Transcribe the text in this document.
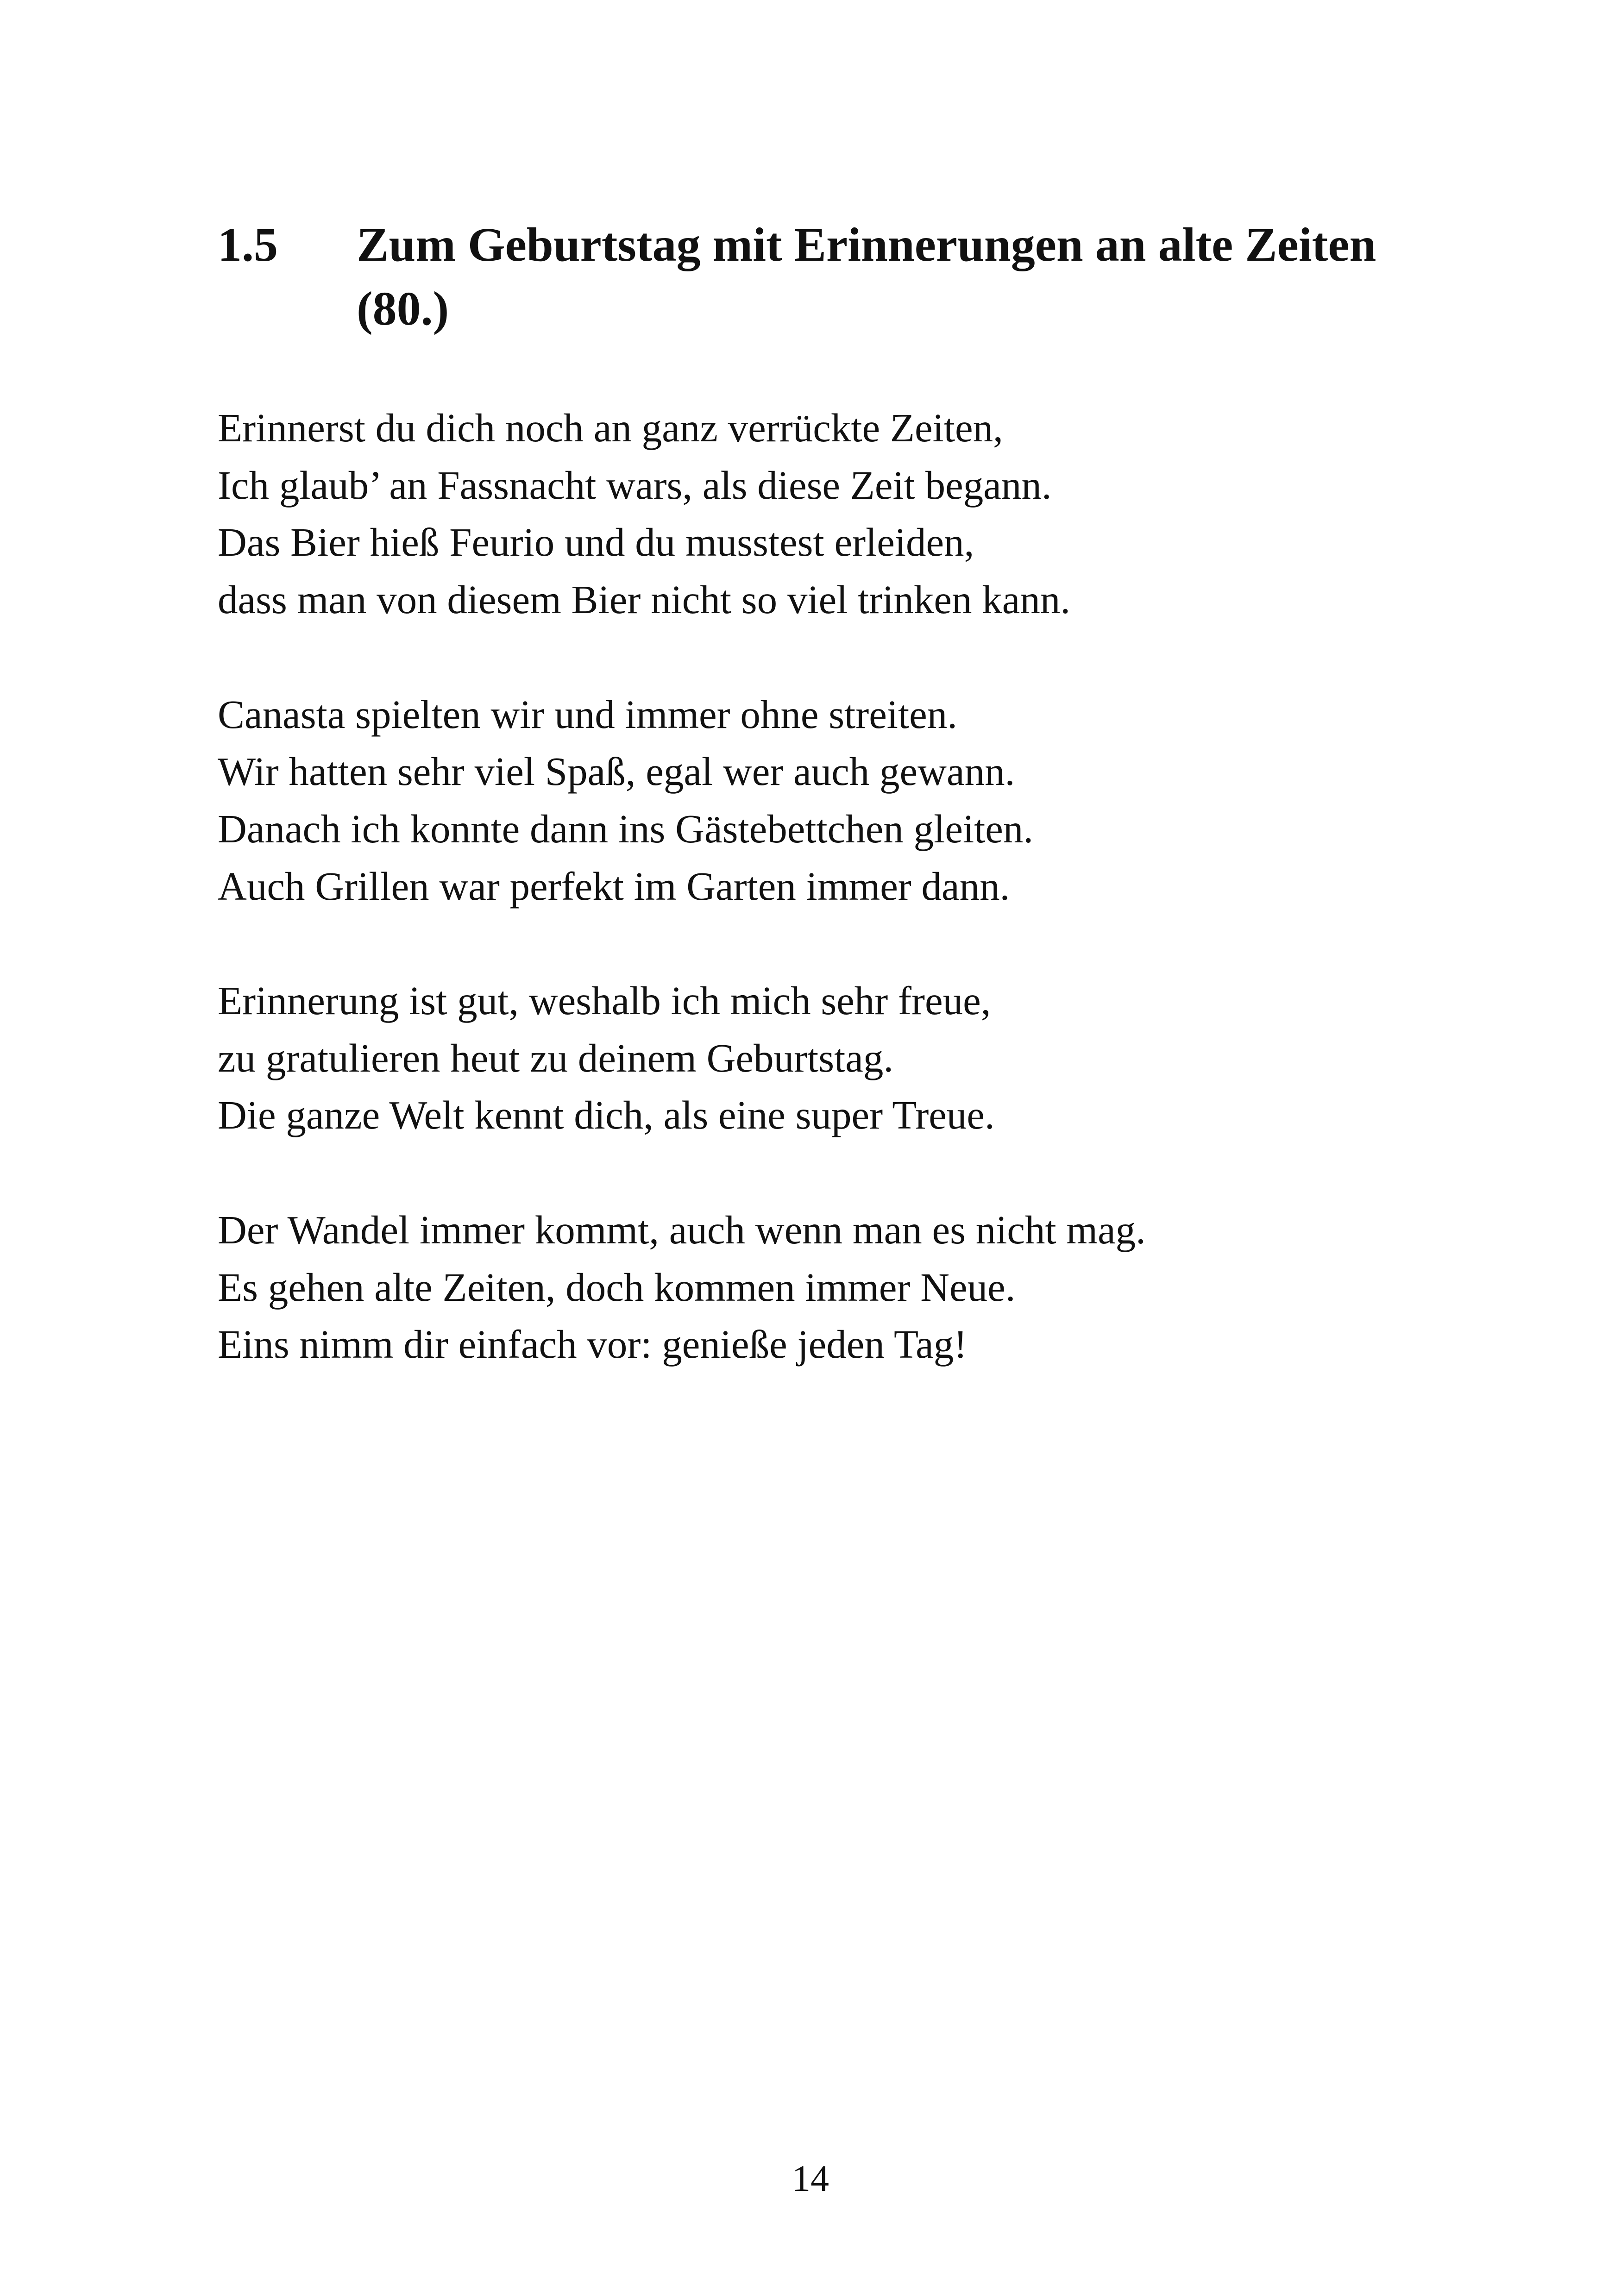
1.5	Zum Geburtstag mit Erinnerungen an alte Zeiten (80.)
Erinnerst du dich noch an ganz verrückte Zeiten,
Ich glaub’ an Fassnacht wars, als diese Zeit begann.
Das Bier hieß Feurio und du musstest erleiden,
dass man von diesem Bier nicht so viel trinken kann.
Canasta spielten wir und immer ohne streiten.
Wir hatten sehr viel Spaß, egal wer auch gewann.
Danach ich konnte dann ins Gästebettchen gleiten.
Auch Grillen war perfekt im Garten immer dann.
Erinnerung ist gut, weshalb ich mich sehr freue,
zu gratulieren heut zu deinem Geburtstag.
Die ganze Welt kennt dich, als eine super Treue.
Der Wandel immer kommt, auch wenn man es nicht mag.
Es gehen alte Zeiten, doch kommen immer Neue.
Eins nimm dir einfach vor: genieße jeden Tag!
14
